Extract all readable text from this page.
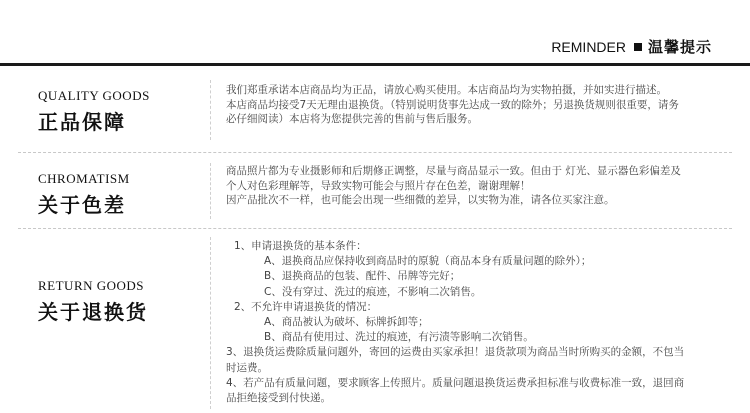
REMINDER 温馨提示
QUALITY GOODS
正品保障

我们郑重承诺本店商品均为正品，请放心购买使用。本店商品均为实物拍摄，并如实进行描述。

本店商品均接受7天无理由退换货。（特别说明货事先达成一致的除外；另退换货规则很重要，请务

必仔细阅读）本店将为您提供完善的售前与售后服务。

CHROMATISM
关于色差

商品照片都为专业摄影师和后期修正调整，尽量与商品显示一致。但由于 灯光、显示器色彩偏差及

个人对色彩理解等，导致实物可能会与照片存在色差，谢谢理解！

因产品批次不一样，也可能会出现一些细微的差异，以实物为准，请各位买家注意。

RETURN GOODS
关于退换货

1、申请退换货的基本条件：

A、退换商品应保持收到商品时的原貌（商品本身有质量问题的除外）；

B、退换商品的包装、配件、吊牌等完好；

C、没有穿过、洗过的痕迹，不影响二次销售。

2、不允许申请退换货的情况：

A、商品被认为破坏、标牌拆卸等；

B、商品有使用过、洗过的痕迹，有污渍等影响二次销售。

3、退换货运费除质量问题外，寄回的运费由买家承担！退货款项为商品当时所购买的金额，不包当

时运费。

4、若产品有质量问题，要求顾客上传照片。质量问题退换货运费承担标准与收费标准一致，退回商

品拒绝接受到付快递。
